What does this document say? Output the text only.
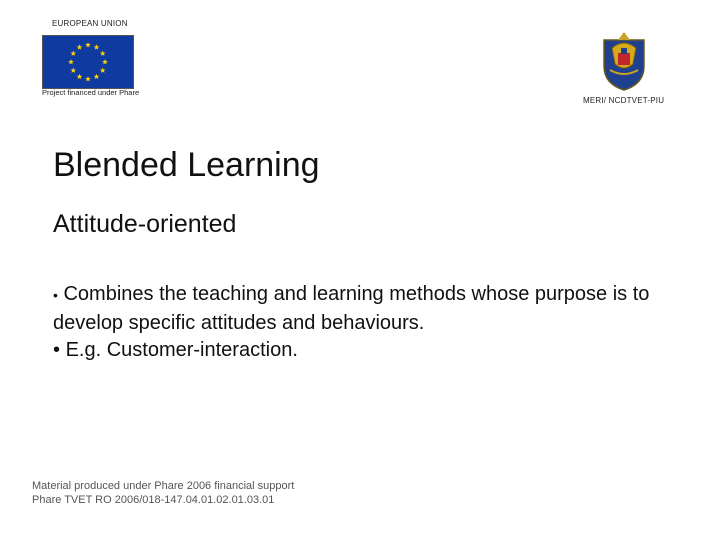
EUROPEAN UNION
Project financed under Phare
MERI/ NCDTVET-PIU
Blended Learning
Attitude-oriented
• Combines the teaching and learning methods whose purpose is to develop specific attitudes and behaviours.
• E.g. Customer-interaction.
Material produced under Phare 2006 financial support
Phare TVET RO 2006/018-147.04.01.02.01.03.01
